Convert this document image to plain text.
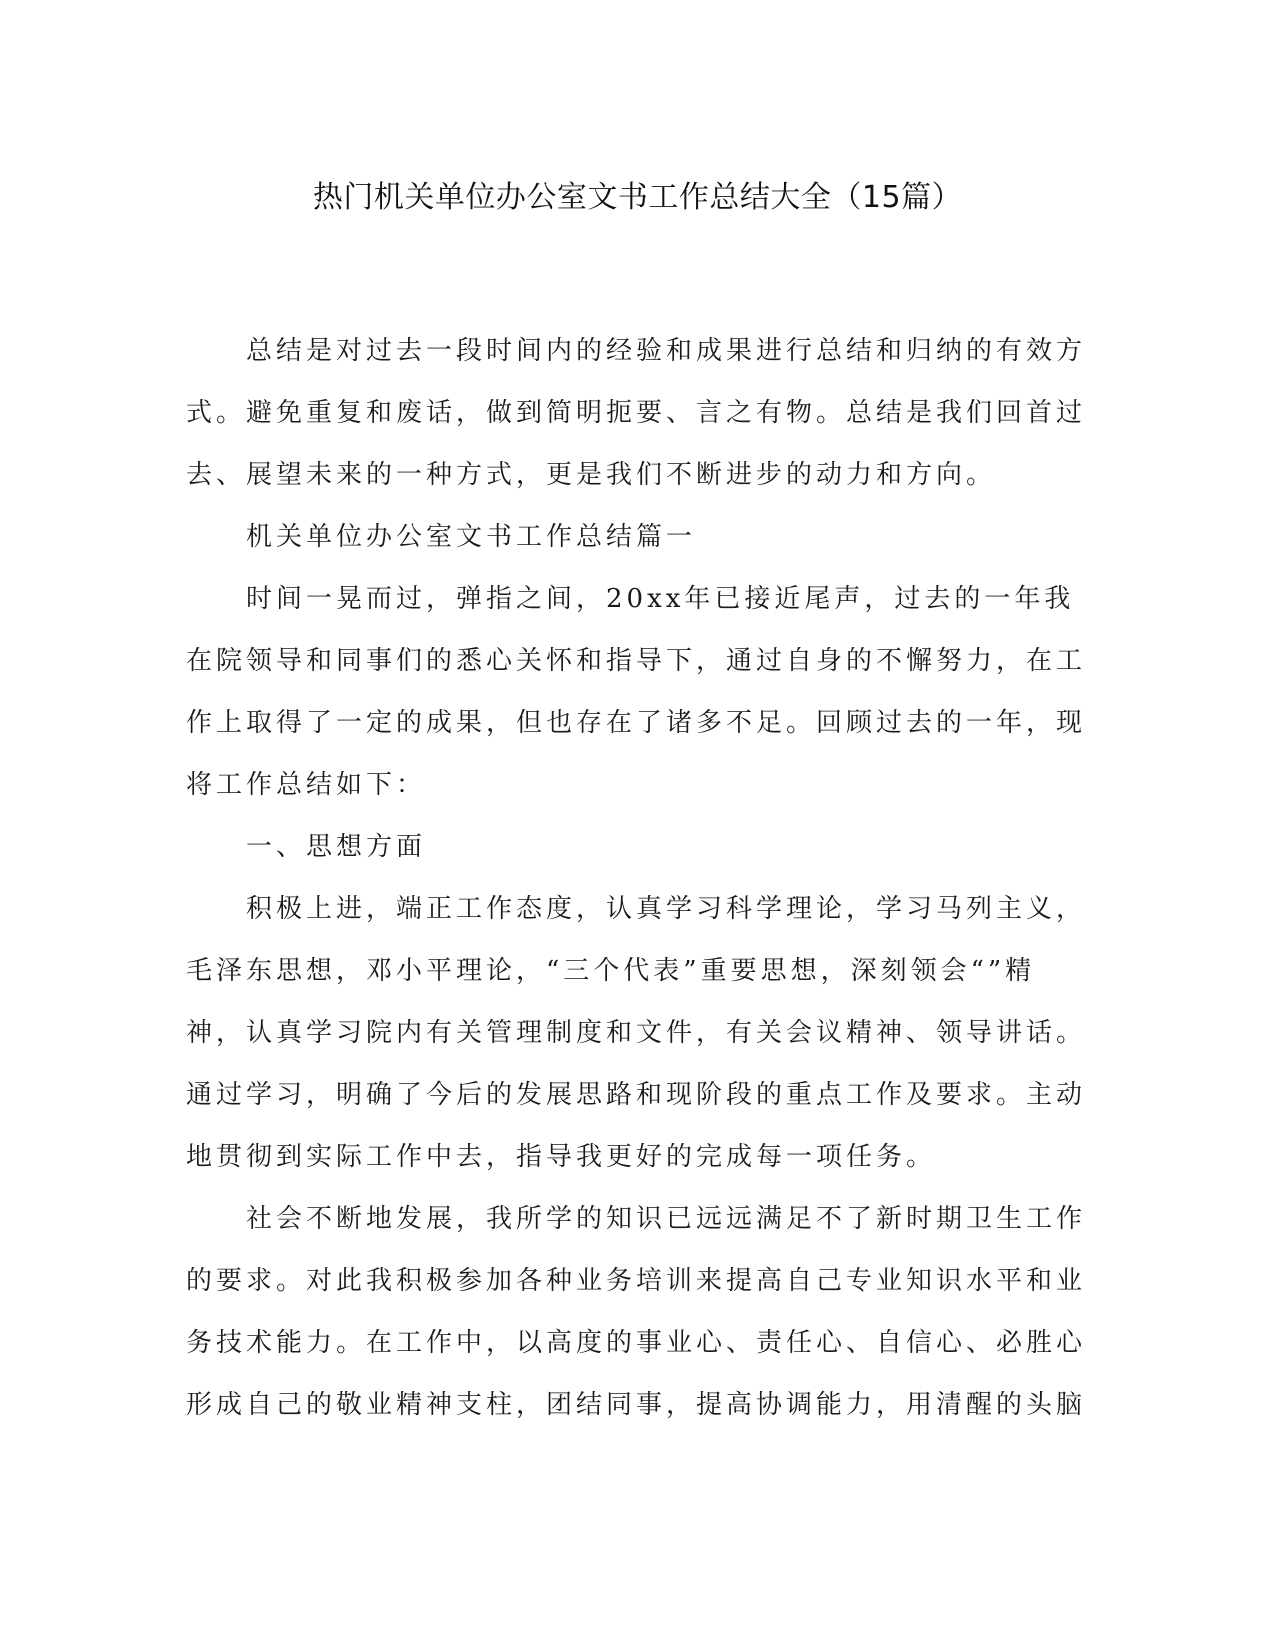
热门机关单位办公室文书工作总结大全（15篇）

总结是对过去一段时间内的经验和成果进行总结和归纳的有效方式。避免重复和废话，做到简明扼要、言之有物。总结是我们回首过去、展望未来的一种方式，更是我们不断进步的动力和方向。

机关单位办公室文书工作总结篇一

时间一晃而过，弹指之间，20xx年已接近尾声，过去的一年我在院领导和同事们的悉心关怀和指导下，通过自身的不懈努力，在工作上取得了一定的成果，但也存在了诸多不足。回顾过去的一年，现将工作总结如下：

一、思想方面

积极上进，端正工作态度，认真学习科学理论，学习马列主义，毛泽东思想，邓小平理论，“三个代表”重要思想，深刻领会“”精神，认真学习院内有关管理制度和文件，有关会议精神、领导讲话。通过学习，明确了今后的发展思路和现阶段的重点工作及要求。主动地贯彻到实际工作中去，指导我更好的完成每一项任务。

社会不断地发展，我所学的知识已远远满足不了新时期卫生工作的要求。对此我积极参加各种业务培训来提高自己专业知识水平和业务技术能力。在工作中，以高度的事业心、责任心、自信心、必胜心形成自己的敬业精神支柱，团结同事，提高协调能力，用清醒的头脑
